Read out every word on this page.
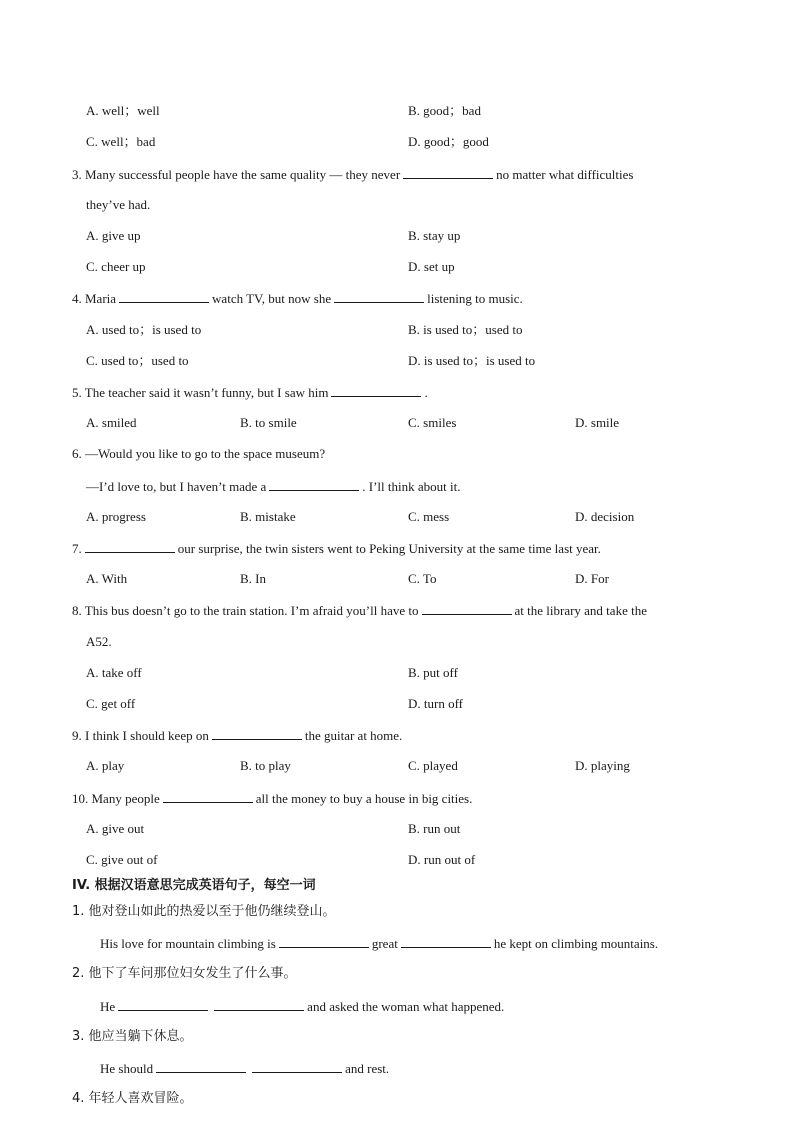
A. well；well	B. good；bad
C. well；bad	D. good；good
3. Many successful people have the same quality — they never	no matter what difficulties
they’ve had.
A. give up	B. stay up
C. cheer up	D. set up
4. Maria	watch TV, but now she	listening to music.
A. used to；is used to	B. is used to；used to
C. used to；used to	D. is used to；is used to
5. The teacher said it wasn’t funny, but I saw him	.
A. smiled	B. to smile	C. smiles	D. smile
6. —Would you like to go to the space museum?
—I’d love to, but I haven’t made a	. I’ll think about it.
A. progress	B. mistake	C. mess	D. decision
7.	our surprise, the twin sisters went to Peking University at the same time last year.
A. With	B. In	C. To	D. For
8. This bus doesn’t go to the train station. I’m afraid you’ll have to	at the library and take the
A52.
A. take off	B. put off
C. get off	D. turn off
9. I think I should keep on	the guitar at home.
A. play	B. to play	C. played	D. playing
10. Many people	all the money to buy a house in big cities.
A. give out	B. run out
C. give out of	D. run out of
IV. 根据汉语意思完成英语句子，每空一词
1. 他对登山如此的热爱以至于他仍继续登山。
His love for mountain climbing is	great	he kept on climbing mountains.
2. 他下了车问那位妇女发生了什么事。
He	and asked the woman what happened.
3. 他应当躺下休息。
He should	and rest.
4. 年轻人喜欢冒险。
